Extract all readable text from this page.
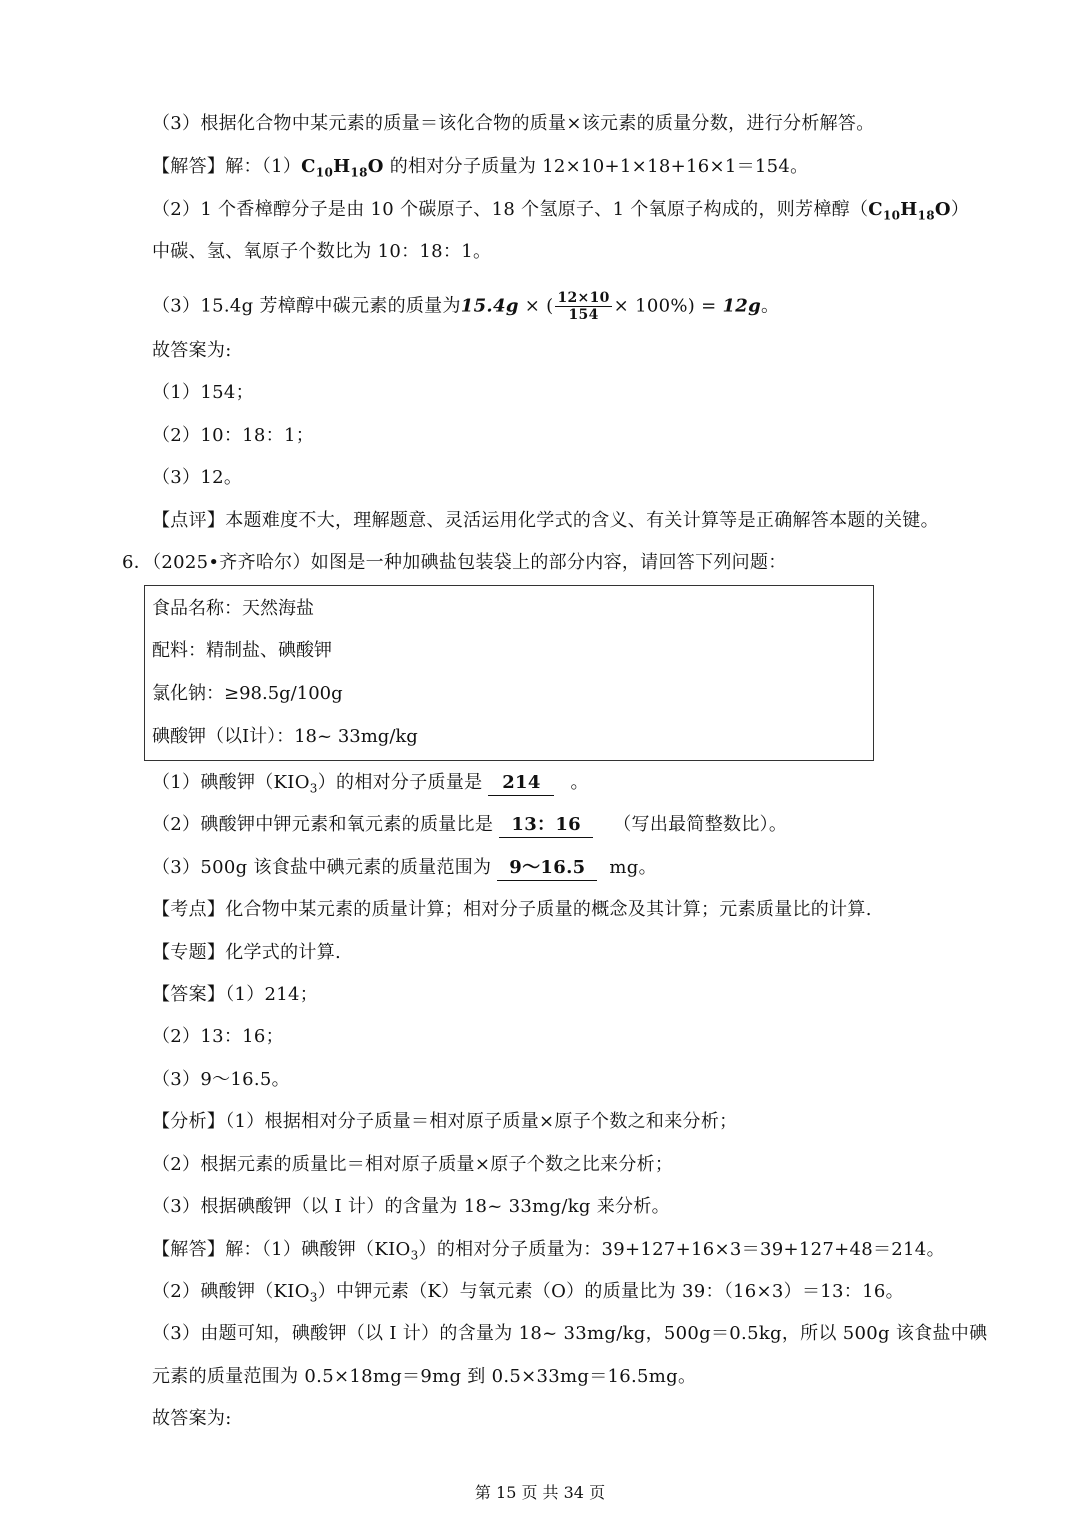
（3）根据化合物中某元素的质量＝该化合物的质量×该元素的质量分数，进行分析解答。
【解答】解：$(1)C_{10}H_{18}O$ 的相对分子质量为 12×10+1×18+16×1＝154。
（2）1 个香樟醇分子是由 10 个碳原子、18 个氢原子、1 个氧原子构成的，则芳樟醇$(C_{10}H_{18}O)$
中碳、氢、氧原子个数比为 10：18：1。
（3）15.4g 芳樟醇中碳元素的质量为15.4g × ( $\frac{12\times 10}{154} \times 100\%) = 12g$。
故答案为:
（1）154；
（2）10：18：1；
（3）12。
【点评】本题难度不大，理解题意、灵活运用化学式的含义、有关计算等是正确解答本题的关键。
6．（2025•齐齐哈尔）如图是一种加碘盐包装袋上的部分内容，请回答下列问题：
食品名称：天然海盐
配料：精制盐、碘酸钾
氯化钠：≥98.5g/100g
碘酸钾（以Ⅰ计）：18~ 33mg/kg
（1）碘酸钾$(KIO_3)$的相对分子质量是 214 。
（2）碘酸钾中钾元素和氧元素的质量比是 13：16 （写出最简整数比）。
（3）500g 该食盐中碘元素的质量范围为 9～16.5 mg。
【考点】化合物中某元素的质量计算；相对分子质量的概念及其计算；元素质量比的计算.
【专题】化学式的计算.
【答案】（1）214；
（2）13：16；
（3）9～16.5。
【分析】（1）根据相对分子质量＝相对原子质量×原子个数之和来分析；
（2）根据元素的质量比＝相对原子质量×原子个数之比来分析；
（3）根据碘酸钾（以 I 计）的含量为 18~ 33mg/kg 来分析。
【解答】解：（1）碘酸钾$(KIO_3)$的相对分子质量为：39+127+16×3＝39+127+48＝214。
（2）碘酸钾$(KIO_3)$中钾元素（K）与氧元素（O）的质量比为 39：（16×3）＝13：16。
（3）由题可知，碘酸钾（以 I 计）的含量为 18~ 33mg/kg，500g＝0.5kg，所以 500g 该食盐中碘
元素的质量范围为 0.5×18mg＝9mg 到 0.5×33mg＝16.5mg。
故答案为:
第 15 页 共 34 页
